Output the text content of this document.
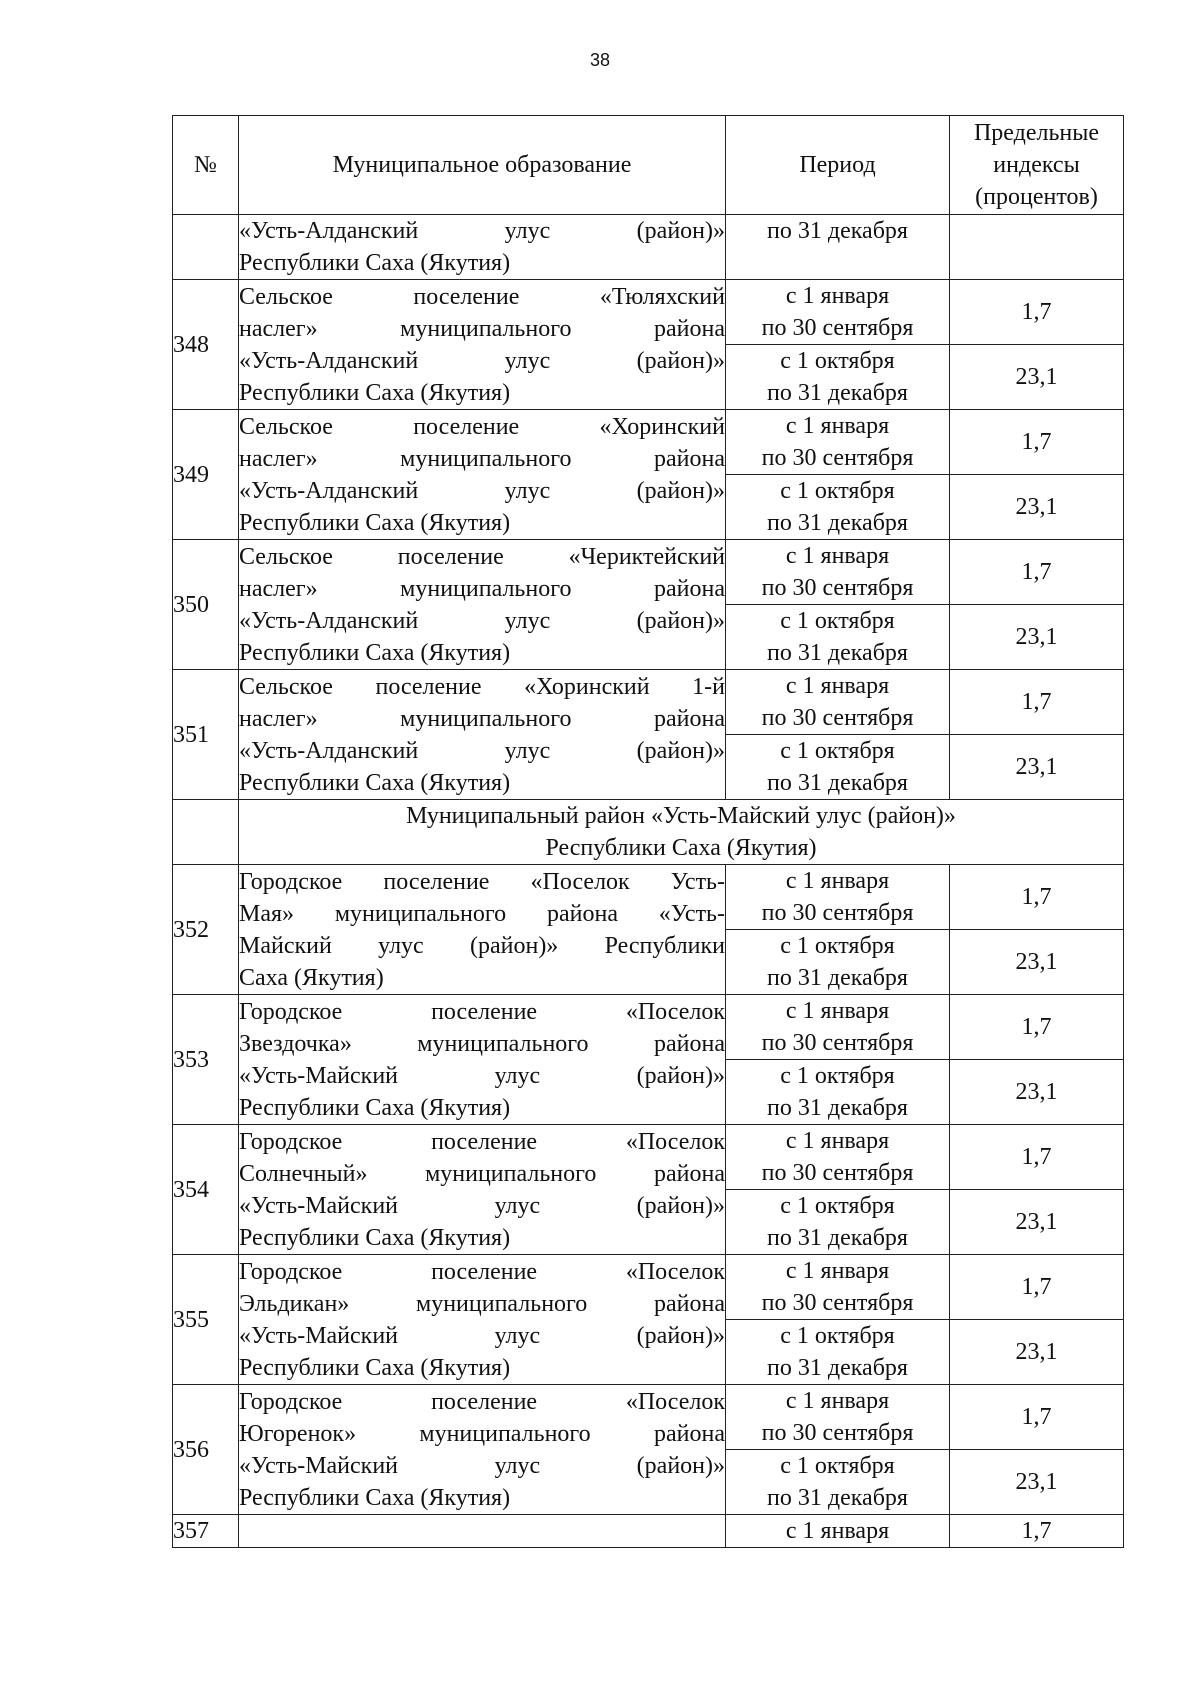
38
№	Муниципальное образование	Период	Предельные
индексы
(процентов)

	«Усть-Алданский улус (район)»
Республики Саха (Якутия)	по 31 декабря	
348	Сельское поселение «Тюляхский
наслег» муниципального района
«Усть-Алданский улус (район)»
Республики Саха (Якутия)	с 1 января
по 30 сентября	1,7

		с 1 октября
по 31 декабря	23,1
349	Сельское поселение «Хоринский
наслег» муниципального района
«Усть-Алданский улус (район)»
Республики Саха (Якутия)	с 1 января
по 30 сентября	1,7

		с 1 октября
по 31 декабря	23,1
350	Сельское поселение «Чериктейский
наслег» муниципального района
«Усть-Алданский улус (район)»
Республики Саха (Якутия)	с 1 января
по 30 сентября	1,7

		с 1 октября
по 31 декабря	23,1
351	Сельское поселение «Хоринский 1-й
наслег» муниципального района
«Усть-Алданский улус (район)»
Республики Саха (Якутия)	с 1 января
по 30 сентября	1,7

		с 1 октября
по 31 декабря	23,1

	Муниципальный район «Усть-Майский улус (район)»
Республики Саха (Якутия)		

352	Городское поселение «Поселок Усть-
Мая» муниципального района «Усть-
Майский улус (район)» Республики
Саха (Якутия)	с 1 января
по 30 сентября	1,7

		с 1 октября
по 31 декабря	23,1
353	Городское поселение «Поселок
Звездочка» муниципального района
«Усть-Майский улус (район)»
Республики Саха (Якутия)	с 1 января
по 30 сентября	1,7

		с 1 октября
по 31 декабря	23,1
354	Городское поселение «Поселок
Солнечный» муниципального района
«Усть-Майский улус (район)»
Республики Саха (Якутия)	с 1 января
по 30 сентября	1,7

		с 1 октября
по 31 декабря	23,1
355	Городское поселение «Поселок
Эльдикан» муниципального района
«Усть-Майский улус (район)»
Республики Саха (Якутия)	с 1 января
по 30 сентября	1,7

		с 1 октября
по 31 декабря	23,1
356	Городское поселение «Поселок
Югоренок» муниципального района
«Усть-Майский улус (район)»
Республики Саха (Якутия)	с 1 января
по 30 сентября	1,7

		с 1 октября
по 31 декабря	23,1
357		с 1 января	1,7
